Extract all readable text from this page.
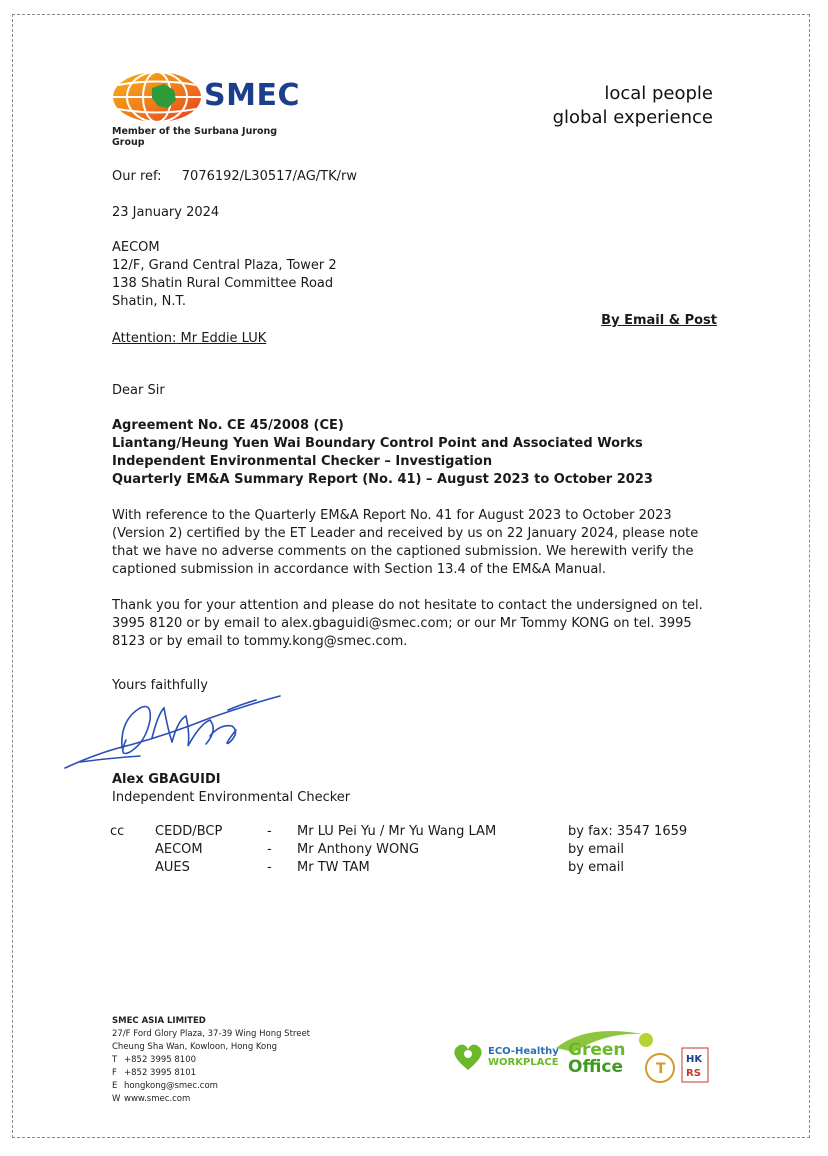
SMEC
Member of the Surbana Jurong Group
local people
global experience
Our ref: 7076192/L30517/AG/TK/rw
23 January 2024
AECOM
12/F, Grand Central Plaza, Tower 2
138 Shatin Rural Committee Road
Shatin, N.T.
By Email & Post
Attention: Mr Eddie LUK
Dear Sir
Agreement No. CE 45/2008 (CE)
Liantang/Heung Yuen Wai Boundary Control Point and Associated Works
Independent Environmental Checker – Investigation
Quarterly EM&A Summary Report (No. 41) – August 2023 to October 2023
With reference to the Quarterly EM&A Report No. 41 for August 2023 to October 2023 (Version 2) certified by the ET Leader and received by us on 22 January 2024, please note that we have no adverse comments on the captioned submission. We herewith verify the captioned submission in accordance with Section 13.4 of the EM&A Manual.
Thank you for your attention and please do not hesitate to contact the undersigned on tel. 3995 8120 or by email to alex.gbaguidi@smec.com; or our Mr Tommy KONG on tel. 3995 8123 or by email to tommy.kong@smec.com.
Yours faithfully
Alex GBAGUIDI
Independent Environmental Checker
cc	CEDD/BCP	-	Mr LU Pei Yu / Mr Yu Wang LAM	by fax: 3547 1659
	AECOM	-	Mr Anthony WONG	by email
	AUES	-	Mr TW TAM	by email
SMEC ASIA LIMITED
27/F Ford Glory Plaza, 37-39 Wing Hong Street
Cheung Sha Wan, Kowloon, Hong Kong
T +852 3995 8100
F +852 3995 8101
E hongkong@smec.com
W www.smec.com
HK
RS
T
ECO-Healthy
WORKPLACE
Green
Office
